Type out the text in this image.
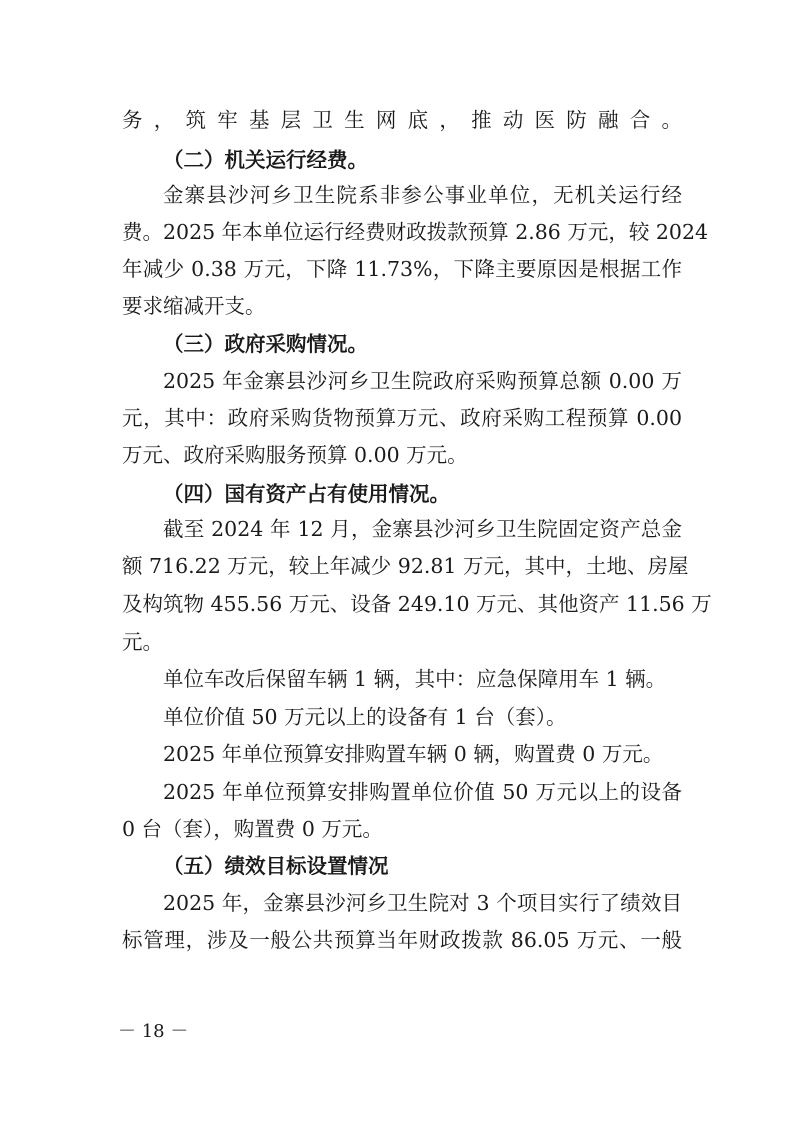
务，筑牢基层卫生网底，推动医防融合。
（二）机关运行经费。
金寨县沙河乡卫生院系非参公事业单位，无机关运行经
费。2025 年本单位运行经费财政拨款预算 2.86 万元，较 2024
年减少 0.38 万元，下降 11.73%，下降主要原因是根据工作
要求缩减开支。
（三）政府采购情况。
2025 年金寨县沙河乡卫生院政府采购预算总额 0.00 万
元，其中：政府采购货物预算万元、政府采购工程预算 0.00
万元、政府采购服务预算 0.00 万元。
（四）国有资产占有使用情况。
截至 2024 年 12 月，金寨县沙河乡卫生院固定资产总金
额 716.22 万元，较上年减少 92.81 万元，其中，土地、房屋
及构筑物 455.56 万元、设备 249.10 万元、其他资产 11.56 万
元。
单位车改后保留车辆 1 辆，其中：应急保障用车 1 辆。
单位价值 50 万元以上的设备有 1 台（套）。
2025 年单位预算安排购置车辆 0 辆，购置费 0 万元。
2025 年单位预算安排购置单位价值 50 万元以上的设备
0 台（套），购置费 0 万元。
（五）绩效目标设置情况
2025 年，金寨县沙河乡卫生院对 3 个项目实行了绩效目
标管理，涉及一般公共预算当年财政拨款 86.05 万元、一般
－ 18 －
